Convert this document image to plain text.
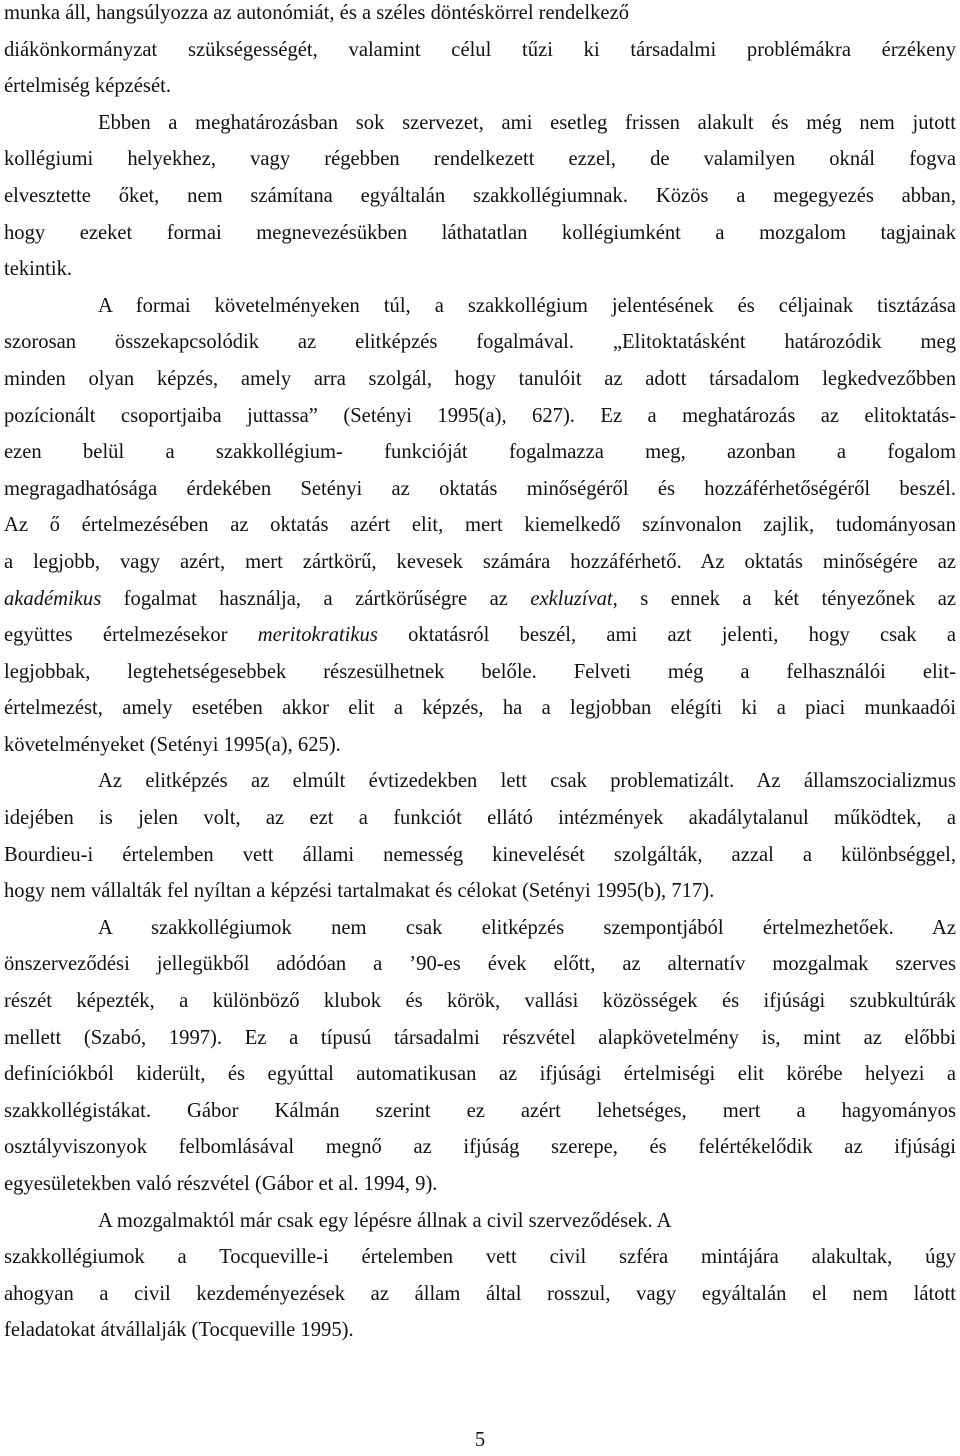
munka áll, hangsúlyozza az autonómiát, és a széles döntéskörrel rendelkező
diákönkormányzat szükségességét, valamint célul tűzi ki társadalmi problémákra érzékeny
értelmiség képzését.
Ebben a meghatározásban sok szervezet, ami esetleg frissen alakult és még nem jutott
kollégiumi helyekhez, vagy régebben rendelkezett ezzel, de valamilyen oknál fogva
elvesztette őket, nem számítana egyáltalán szakkollégiumnak. Közös a megegyezés abban,
hogy ezeket formai megnevezésükben láthatatlan kollégiumként a mozgalom tagjainak
tekintik.
A formai követelményeken túl, a szakkollégium jelentésének és céljainak tisztázása
szorosan összekapcsolódik az elitképzés fogalmával. „Elitoktatásként határozódik meg
minden olyan képzés, amely arra szolgál, hogy tanulóit az adott társadalom legkedvezőbben
pozícionált csoportjaiba juttassa” (Setényi 1995(a), 627). Ez a meghatározás az elitoktatás-
ezen belül a szakkollégium- funkcióját fogalmazza meg, azonban a fogalom
megragadhatósága érdekében Setényi az oktatás minőségéről és hozzáférhetőségéről beszél.
Az ő értelmezésében az oktatás azért elit, mert kiemelkedő színvonalon zajlik, tudományosan
a legjobb, vagy azért, mert zártkörű, kevesek számára hozzáférhető. Az oktatás minőségére az
akadémikus fogalmat használja, a zártkörűségre az exkluzívat, s ennek a két tényezőnek az
együttes értelmezésekor meritokratikus oktatásról beszél, ami azt jelenti, hogy csak a
legjobbak, legtehetségesebbek részesülhetnek belőle. Felveti még a felhasználói elit-
értelmezést, amely esetében akkor elit a képzés, ha a legjobban elégíti ki a piaci munkaadói
követelményeket (Setényi 1995(a), 625).
Az elitképzés az elmúlt évtizedekben lett csak problematizált. Az államszocializmus
idejében is jelen volt, az ezt a funkciót ellátó intézmények akadálytalanul működtek, a
Bourdieu-i értelemben vett állami nemesség kinevelését szolgálták, azzal a különbséggel,
hogy nem vállalták fel nyíltan a képzési tartalmakat és célokat (Setényi 1995(b), 717).
A szakkollégiumok nem csak elitképzés szempontjából értelmezhetőek. Az
önszerveződési jellegükből adódóan a ’90-es évek előtt, az alternatív mozgalmak szerves
részét képezték, a különböző klubok és körök, vallási közösségek és ifjúsági szubkultúrák
mellett (Szabó, 1997). Ez a típusú társadalmi részvétel alapkövetelmény is, mint az előbbi
definíciókból kiderült, és egyúttal automatikusan az ifjúsági értelmiségi elit körébe helyezi a
szakkollégistákat. Gábor Kálmán szerint ez azért lehetséges, mert a hagyományos
osztályviszonyok felbomlásával megnő az ifjúság szerepe, és felértékelődik az ifjúsági
egyesületekben való részvétel (Gábor et al. 1994, 9).
A mozgalmaktól már csak egy lépésre állnak a civil szerveződések. A
szakkollégiumok a Tocqueville-i értelemben vett civil szféra mintájára alakultak, úgy
ahogyan a civil kezdeményezések az állam által rosszul, vagy egyáltalán el nem látott
feladatokat átvállalják (Tocqueville 1995).
5
